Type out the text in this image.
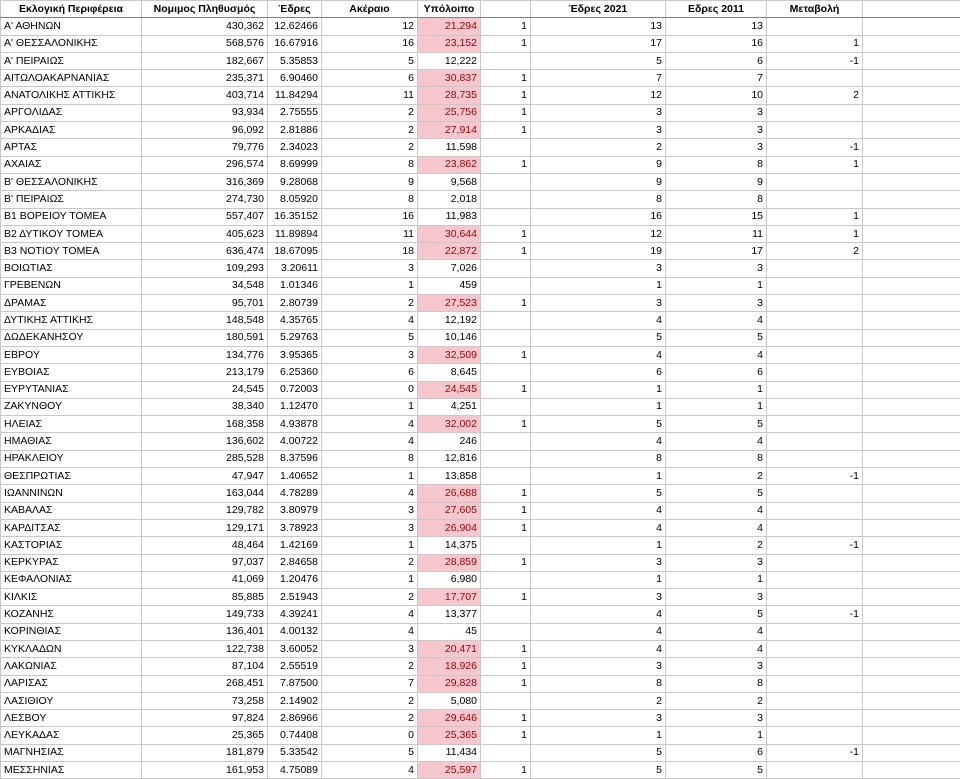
Εκλογική Περιφέρεια	Νομιμος Πληθυσμός	Έδρες	Ακέραιο	Υπόλοιπο		Έδρες 2021	Εδρες 2011	Μεταβολή	
Α' ΑΘΗΝΩΝ	430,362	12.62466	12	21,294	1	13	13		
Α' ΘΕΣΣΑΛΟΝΙΚΗΣ	568,576	16.67916	16	23,152	1	17	16	1	
Α' ΠΕΙΡΑΙΩΣ	182,667	5.35853	5	12,222		5	6	-1	
ΑΙΤΩΛΟΑΚΑΡΝΑΝΙΑΣ	235,371	6.90460	6	30,837	1	7	7		
ΑΝΑΤΟΛΙΚΗΣ ΑΤΤΙΚΗΣ	403,714	11.84294	11	28,735	1	12	10	2	
ΑΡΓΟΛΙΔΑΣ	93,934	2.75555	2	25,756	1	3	3		
ΑΡΚΑΔΙΑΣ	96,092	2.81886	2	27,914	1	3	3		
ΑΡΤΑΣ	79,776	2.34023	2	11,598		2	3	-1	
ΑΧΑΙΑΣ	296,574	8.69999	8	23,862	1	9	8	1	
Β' ΘΕΣΣΑΛΟΝΙΚΗΣ	316,369	9.28068	9	9,568		9	9		
Β' ΠΕΙΡΑΙΩΣ	274,730	8.05920	8	2,018		8	8		
Β1 ΒΟΡΕΙΟΥ ΤΟΜΕΑ	557,407	16.35152	16	11,983		16	15	1	
Β2 ΔΥΤΙΚΟΥ ΤΟΜΕΑ	405,623	11.89894	11	30,644	1	12	11	1	
Β3 ΝΟΤΙΟΥ ΤΟΜΕΑ	636,474	18.67095	18	22,872	1	19	17	2	
ΒΟΙΩΤΙΑΣ	109,293	3.20611	3	7,026		3	3		
ΓΡΕΒΕΝΩΝ	34,548	1.01346	1	459		1	1		
ΔΡΑΜΑΣ	95,701	2.80739	2	27,523	1	3	3		
ΔΥΤΙΚΗΣ ΑΤΤΙΚΗΣ	148,548	4.35765	4	12,192		4	4		
ΔΩΔΕΚΑΝΗΣΟΥ	180,591	5.29763	5	10,146		5	5		
ΕΒΡΟΥ	134,776	3.95365	3	32,509	1	4	4		
ΕΥΒΟΙΑΣ	213,179	6.25360	6	8,645		6	6		
ΕΥΡΥΤΑΝΙΑΣ	24,545	0.72003	0	24,545	1	1	1		
ΖΑΚΥΝΘΟΥ	38,340	1.12470	1	4,251		1	1		
ΗΛΕΙΑΣ	168,358	4.93878	4	32,002	1	5	5		
ΗΜΑΘΙΑΣ	136,602	4.00722	4	246		4	4		
ΗΡΑΚΛΕΙΟΥ	285,528	8.37596	8	12,816		8	8		
ΘΕΣΠΡΩΤΙΑΣ	47,947	1.40652	1	13,858		1	2	-1	
ΙΩΑΝΝΙΝΩΝ	163,044	4.78289	4	26,688	1	5	5		
ΚΑΒΑΛΑΣ	129,782	3.80979	3	27,605	1	4	4		
ΚΑΡΔΙΤΣΑΣ	129,171	3.78923	3	26,904	1	4	4		
ΚΑΣΤΟΡΙΑΣ	48,464	1.42169	1	14,375		1	2	-1	
ΚΕΡΚΥΡΑΣ	97,037	2.84658	2	28,859	1	3	3		
ΚΕΦΑΛΟΝΙΑΣ	41,069	1.20476	1	6,980		1	1		
ΚΙΛΚΙΣ	85,885	2.51943	2	17,707	1	3	3		
ΚΟΖΑΝΗΣ	149,733	4.39241	4	13,377		4	5	-1	
ΚΟΡΙΝΘΙΑΣ	136,401	4.00132	4	45		4	4		
ΚΥΚΛΑΔΩΝ	122,738	3.60052	3	20,471	1	4	4		
ΛΑΚΩΝΙΑΣ	87,104	2.55519	2	18,926	1	3	3		
ΛΑΡΙΣΑΣ	268,451	7.87500	7	29,828	1	8	8		
ΛΑΣΙΘΙΟΥ	73,258	2.14902	2	5,080		2	2		
ΛΕΣΒΟΥ	97,824	2.86966	2	29,646	1	3	3		
ΛΕΥΚΑΔΑΣ	25,365	0.74408	0	25,365	1	1	1		
ΜΑΓΝΗΣΙΑΣ	181,879	5.33542	5	11,434		5	6	-1	
ΜΕΣΣΗΝΙΑΣ	161,953	4.75089	4	25,597	1	5	5		
